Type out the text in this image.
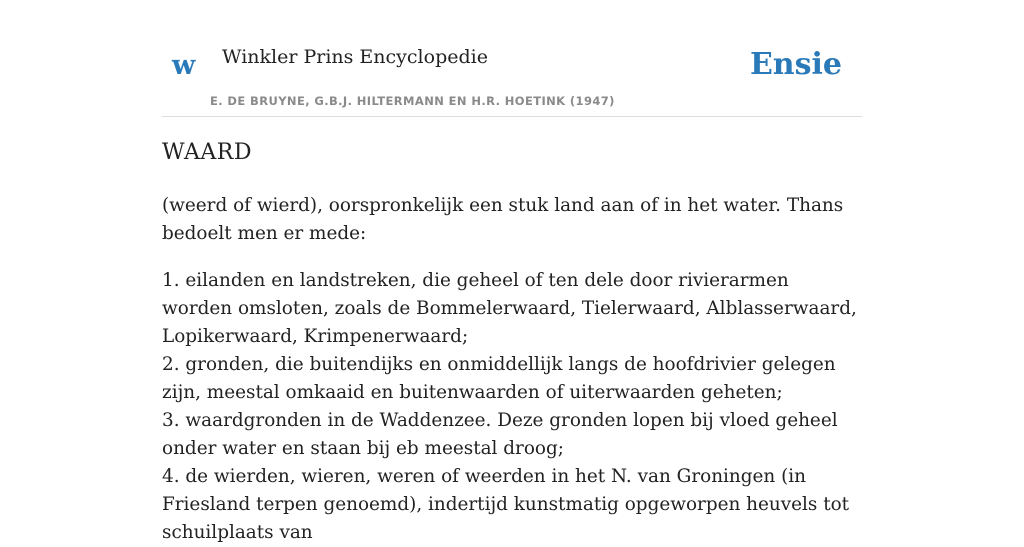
w Winkler Prins Encyclopedie
E. DE BRUYNE, G.B.J. HILTERMANN EN H.R. HOETINK (1947)
Ensie
WAARD

(weerd of wierd), oorspronkelijk een stuk land aan of in het water. Thans bedoelt men er mede:

1. eilanden en landstreken, die geheel of ten dele door rivierarmen worden omsloten, zoals de Bommelerwaard, Tielerwaard, Alblasserwaard, Lopikerwaard, Krimpenerwaard;

2. gronden, die buitendijks en onmiddellijk langs de hoofdrivier gelegen zijn, meestal omkaaid en buitenwaarden of uiterwaarden geheten;

3. waardgronden in de Waddenzee. Deze gronden lopen bij vloed geheel onder water en staan bij eb meestal droog;

4. de wierden, wieren, weren of weerden in het N. van Groningen (in Friesland terpen genoemd), indertijd kunstmatig opgeworpen heuvels tot schuilplaats van
